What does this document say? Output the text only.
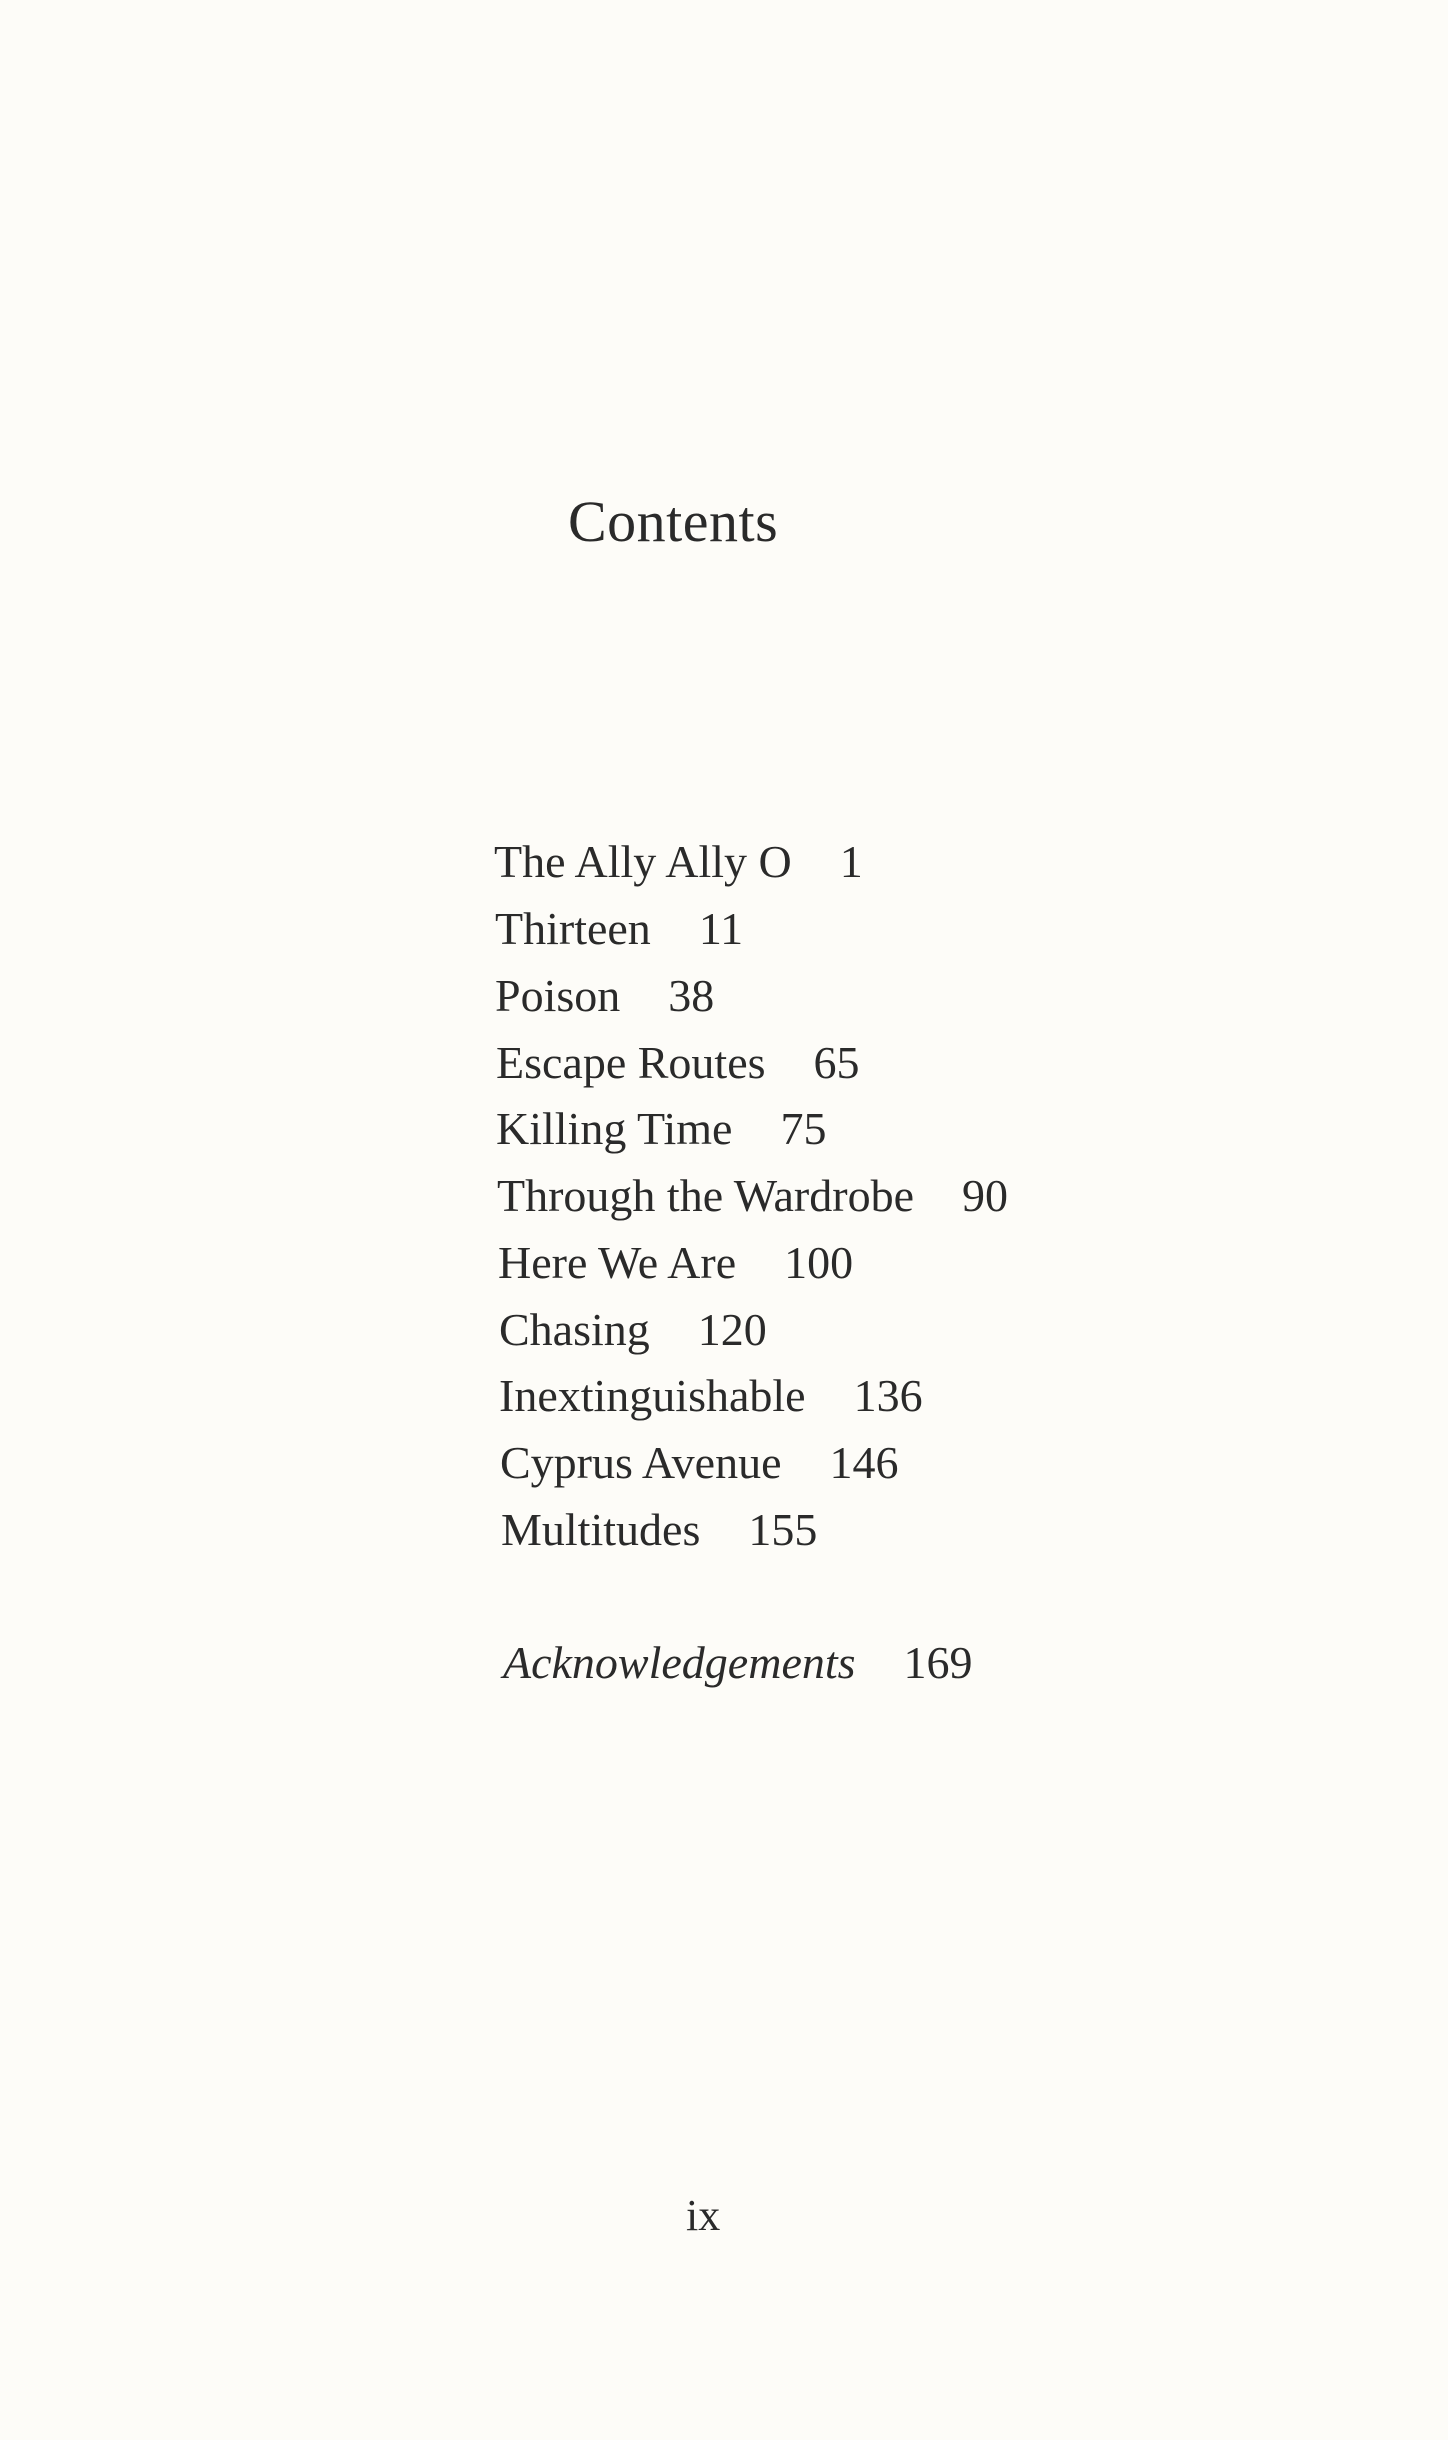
Contents
The Ally Ally O 1
Thirteen 11
Poison 38
Escape Routes 65
Killing Time 75
Through the Wardrobe 90
Here We Are 100
Chasing 120
Inextinguishable 136
Cyprus Avenue 146
Multitudes 155
Acknowledgements 169
ix
